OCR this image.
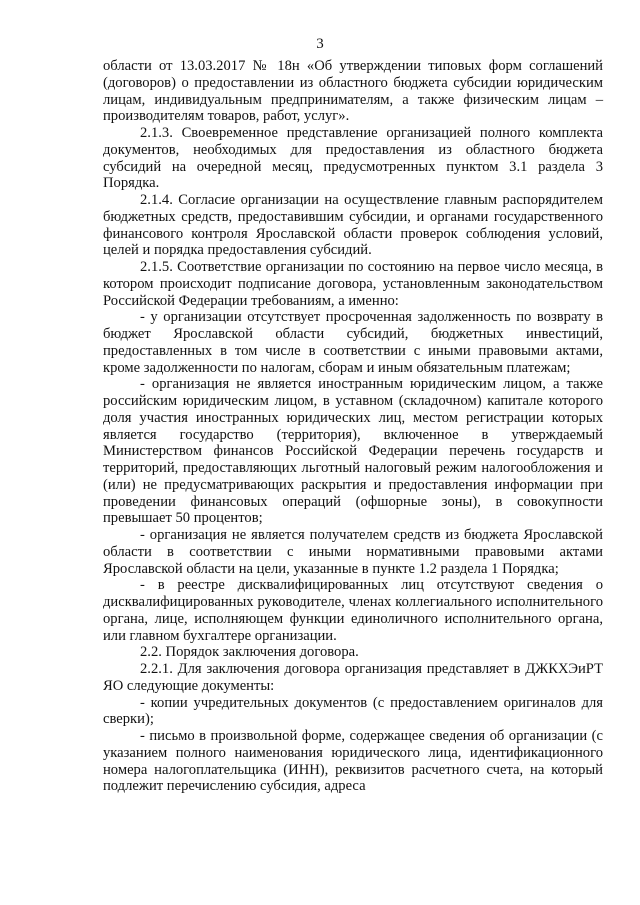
3

области от 13.03.2017 № 18н «Об утверждении типовых форм соглашений (договоров) о предоставлении из областного бюджета субсидии юридическим лицам, индивидуальным предпринимателям, а также физическим лицам – производителям товаров, работ, услуг».

2.1.3. Своевременное представление организацией полного комплекта документов, необходимых для предоставления из областного бюджета субсидий на очередной месяц, предусмотренных пунктом 3.1 раздела 3 Порядка.

2.1.4. Согласие организации на осуществление главным распорядителем бюджетных средств, предоставившим субсидии, и органами государственного финансового контроля Ярославской области проверок соблюдения условий, целей и порядка предоставления субсидий.

2.1.5. Соответствие организации по состоянию на первое число месяца, в котором происходит подписание договора, установленным законодательством Российской Федерации требованиям, а именно:

- у организации отсутствует просроченная задолженность по возврату в бюджет Ярославской области субсидий, бюджетных инвестиций, предоставленных в том числе в соответствии с иными правовыми актами, кроме задолженности по налогам, сборам и иным обязательным платежам;

- организация не является иностранным юридическим лицом, а также российским юридическим лицом, в уставном (складочном) капитале которого доля участия иностранных юридических лиц, местом регистрации которых является государство (территория), включенное в утверждаемый Министерством финансов Российской Федерации перечень государств и территорий, предоставляющих льготный налоговый режим налогообложения и (или) не предусматривающих раскрытия и предоставления информации при проведении финансовых операций (офшорные зоны), в совокупности превышает 50 процентов;

- организация не является получателем средств из бюджета Ярославской области в соответствии с иными нормативными правовыми актами Ярославской области на цели, указанные в пункте 1.2 раздела 1 Порядка;

- в реестре дисквалифицированных лиц отсутствуют сведения о дисквалифицированных руководителе, членах коллегиального исполнительного органа, лице, исполняющем функции единоличного исполнительного органа, или главном бухгалтере организации.

2.2. Порядок заключения договора.

2.2.1. Для заключения договора организация представляет в ДЖКХЭиРТ ЯО следующие документы:

- копии учредительных документов (с предоставлением оригиналов для сверки);

- письмо в произвольной форме, содержащее сведения об организации (с указанием полного наименования юридического лица, идентификационного номера налогоплательщика (ИНН), реквизитов расчетного счета, на который подлежит перечислению субсидия, адреса
